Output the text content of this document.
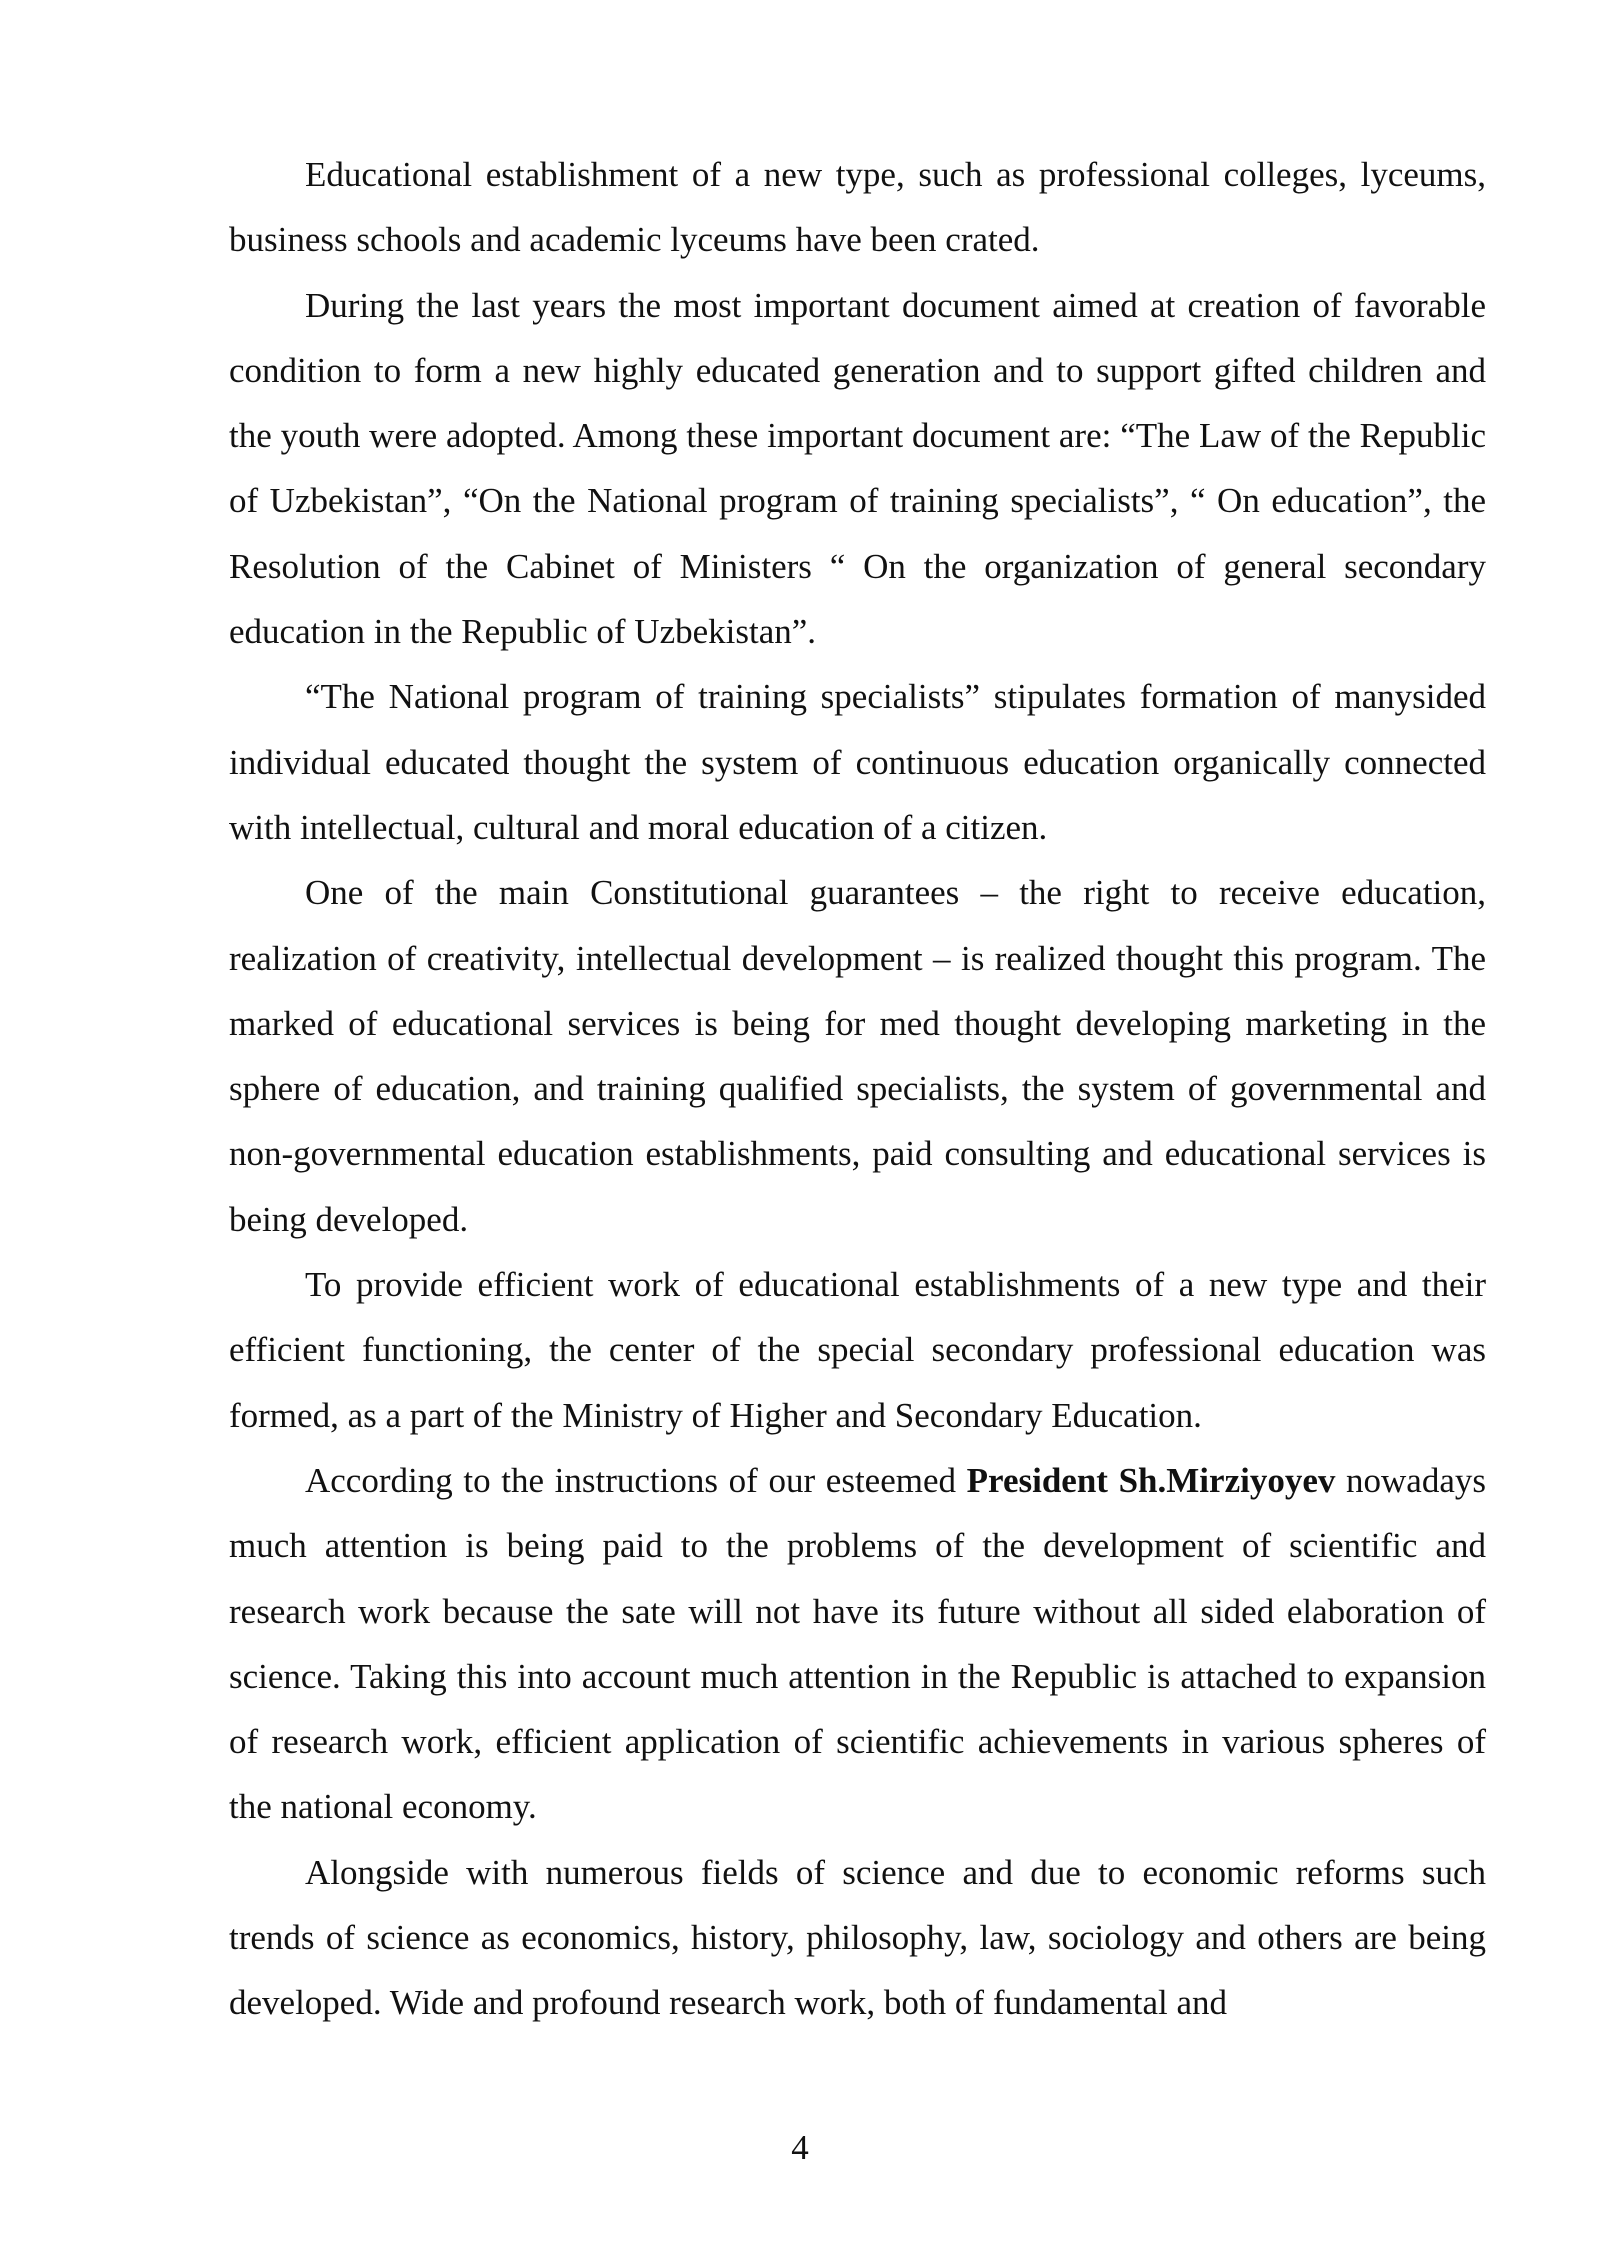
Educational establishment of a new type, such as professional colleges, lyceums, business schools and academic lyceums have been crated.

During the last years the most important document aimed at creation of favorable condition to form a new highly educated generation and to support gifted children and the youth were adopted. Among these important document are: “The Law of the Republic of Uzbekistan”, “On the National program of training specialists”, “ On education”, the Resolution of the Cabinet of Ministers “ On the organization of general secondary education in the Republic of Uzbekistan”.

“The National program of training specialists” stipulates formation of manysided individual educated thought the system of continuous education organically connected with intellectual, cultural and moral education of a citizen.

One of the main Constitutional guarantees – the right to receive education, realization of creativity, intellectual development – is realized thought this program. The marked of educational services is being for med thought developing marketing in the sphere of education, and training qualified specialists, the system of governmental and non-governmental education establishments, paid consulting and educational services is being developed.

To provide efficient work of educational establishments of a new type and their efficient functioning, the center of the special secondary professional education was formed, as a part of the Ministry of Higher and Secondary Education.

According to the instructions of our esteemed President Sh.Mirziyoyev nowadays much attention is being paid to the problems of the development of scientific and research work because the sate will not have its future without all sided elaboration of science. Taking this into account much attention in the Republic is attached to expansion of research work, efficient application of scientific achievements in various spheres of the national economy.

Alongside with numerous fields of science and due to economic reforms such trends of science as economics, history, philosophy, law, sociology and others are being developed. Wide and profound research work, both of fundamental and

4
